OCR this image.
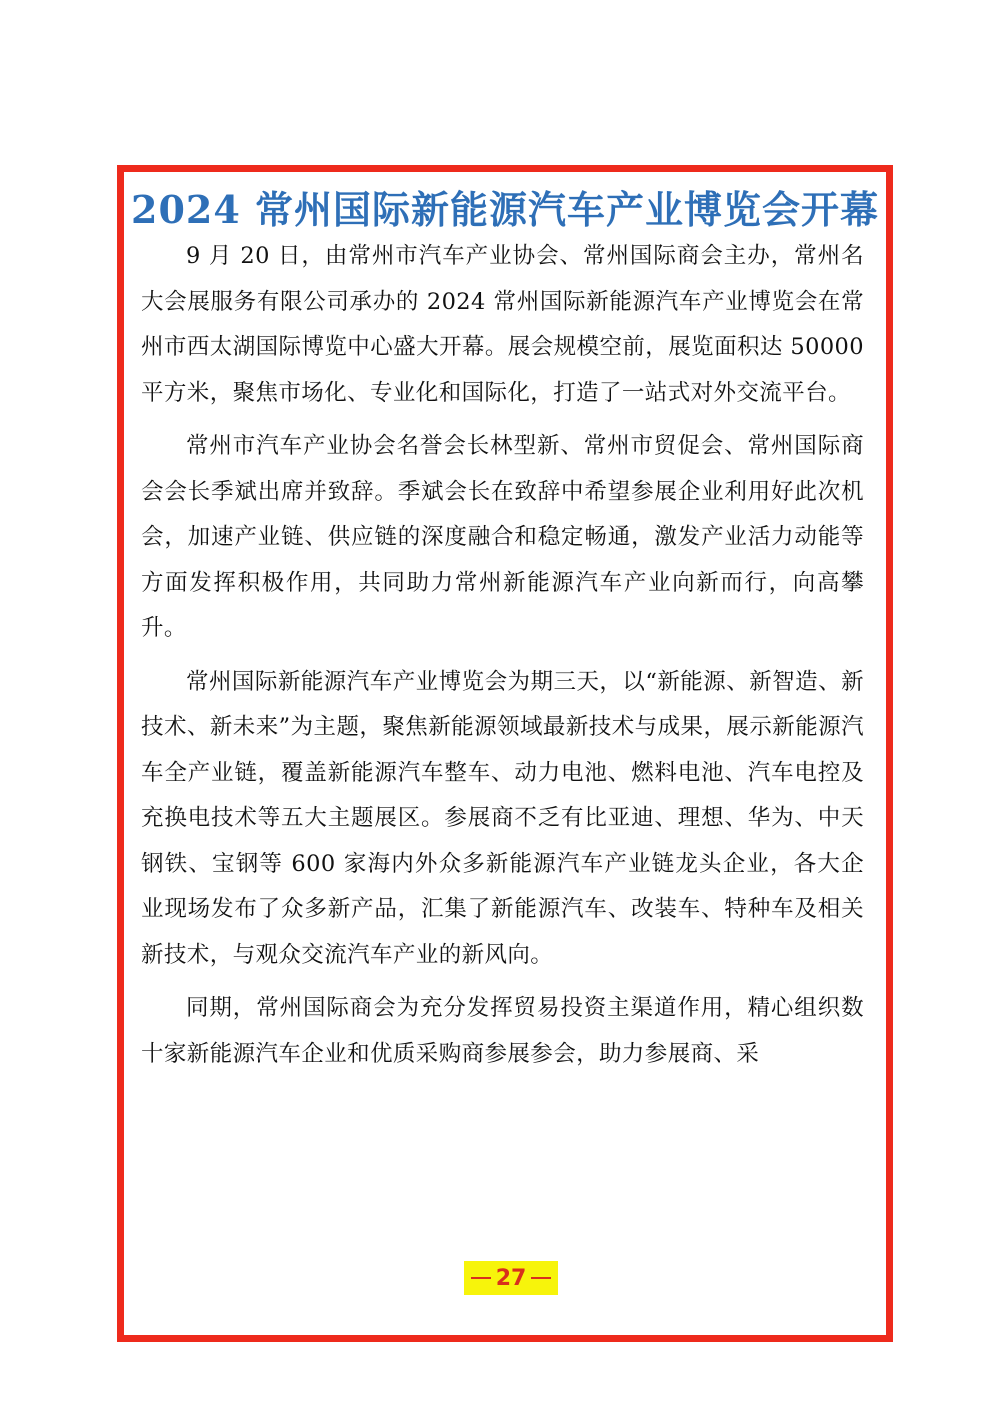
2024 常州国际新能源汽车产业博览会开幕

9 月 20 日，由常州市汽车产业协会、常州国际商会主办，常州名大会展服务有限公司承办的 2024 常州国际新能源汽车产业博览会在常州市西太湖国际博览中心盛大开幕。展会规模空前，展览面积达 50000 平方米，聚焦市场化、专业化和国际化，打造了一站式对外交流平台。

常州市汽车产业协会名誉会长林型新、常州市贸促会、常州国际商会会长季斌出席并致辞。季斌会长在致辞中希望参展企业利用好此次机会，加速产业链、供应链的深度融合和稳定畅通，激发产业活力动能等方面发挥积极作用，共同助力常州新能源汽车产业向新而行，向高攀升。

常州国际新能源汽车产业博览会为期三天，以“新能源、新智造、新技术、新未来”为主题，聚焦新能源领域最新技术与成果，展示新能源汽车全产业链，覆盖新能源汽车整车、动力电池、燃料电池、汽车电控及充换电技术等五大主题展区。参展商不乏有比亚迪、理想、华为、中天钢铁、宝钢等 600 家海内外众多新能源汽车产业链龙头企业，各大企业现场发布了众多新产品，汇集了新能源汽车、改装车、特种车及相关新技术，与观众交流汽车产业的新风向。

同期，常州国际商会为充分发挥贸易投资主渠道作用，精心组织数十家新能源汽车企业和优质采购商参展参会，助力参展商、采

27
